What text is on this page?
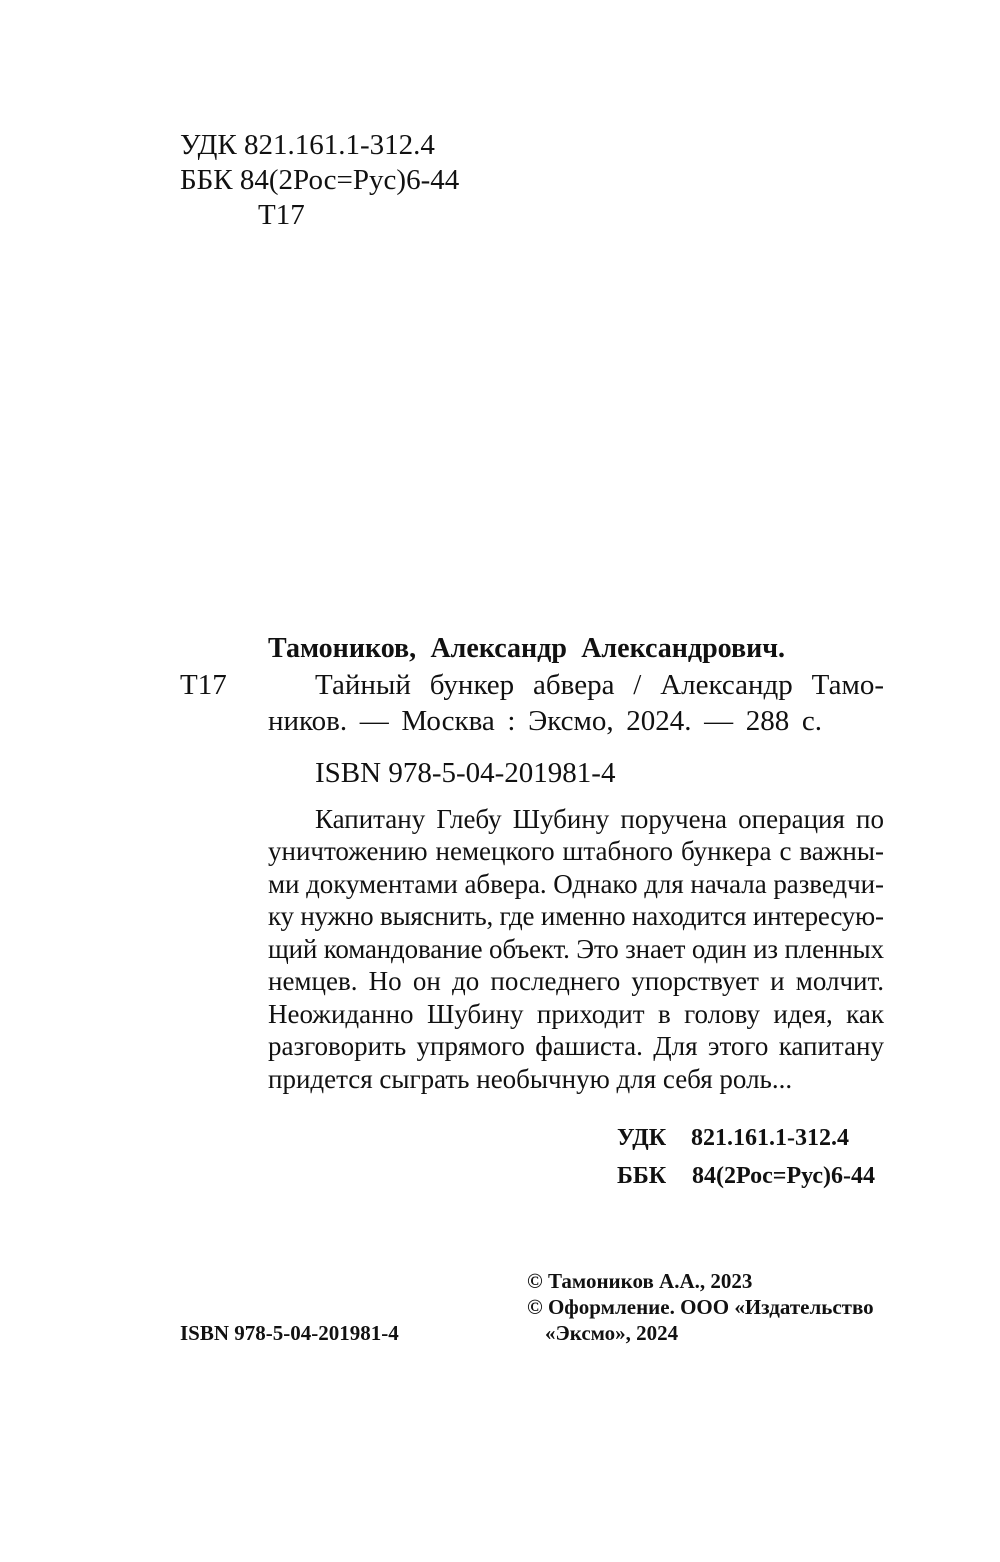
УДК 821.161.1-312.4
ББК 84(2Рос=Рус)6-44
Т17
Тамоников, Александр Александрович.
Т17	Тайный бункер абвера / Александр Тамо-
ников. — Москва : Эксмо, 2024. — 288 с.
ISBN 978-5-04-201981-4
Капитану Глебу Шубину поручена операция по
уничтожению немецкого штабного бункера с важны-
ми документами абвера. Однако для начала разведчи-
ку нужно выяснить, где именно находится интересую-
щий командование объект. Это знает один из пленных
немцев. Но он до последнего упорствует и молчит.
Неожиданно Шубину приходит в голову идея, как
разговорить упрямого фашиста. Для этого капитану
придется сыграть необычную для себя роль...
УДК 821.161.1-312.4
ББК 84(2Рос=Рус)6-44
© Тамоников А.А., 2023
© Оформление. ООО «Издательство
«Эксмо», 2024
ISBN 978-5-04-201981-4
